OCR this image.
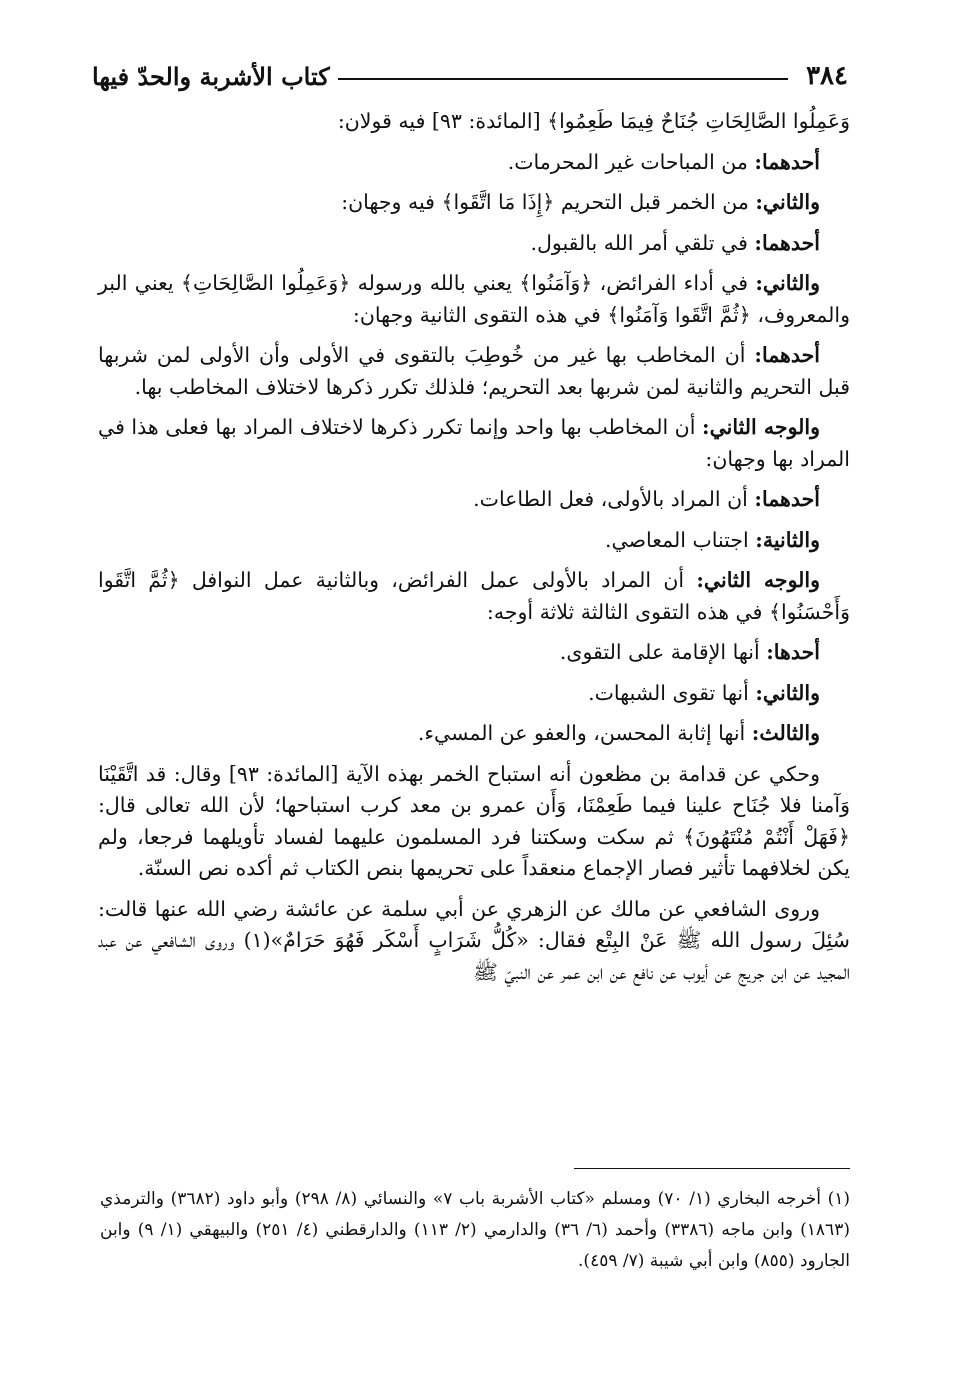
٣٨٤
كتاب الأشربة والحدّ فيها

وَعَمِلُوا الصَّالِحَاتِ جُنَاحٌ فِيمَا طَعِمُوا﴾ [المائدة: ٩٣] فيه قولان:

أحدهما: من المباحات غير المحرمات.

والثاني: من الخمر قبل التحريم ﴿إِذَا مَا اتَّقَوا﴾ فيه وجهان:

أحدهما: في تلقي أمر الله بالقبول.

والثاني: في أداء الفرائض، ﴿وَآمَنُوا﴾ يعني بالله ورسوله ﴿وَعَمِلُوا الصَّالِحَاتِ﴾ يعني البر والمعروف، ﴿ثُمَّ اتَّقَوا وَآمَنُوا﴾ في هذه التقوى الثانية وجهان:

أحدهما: أن المخاطب بها غير من خُوطِبَ بالتقوى في الأولى وأن الأولى لمن شربها قبل التحريم والثانية لمن شربها بعد التحريم؛ فلذلك تكرر ذكرها لاختلاف المخاطب بها.

والوجه الثاني: أن المخاطب بها واحد وإنما تكرر ذكرها لاختلاف المراد بها فعلى هذا في المراد بها وجهان:

أحدهما: أن المراد بالأولى، فعل الطاعات.

والثانية: اجتناب المعاصي.

والوجه الثاني: أن المراد بالأولى عمل الفرائض، وبالثانية عمل النوافل ﴿ثُمَّ اتَّقَوا وَأَحْسَنُوا﴾ في هذه التقوى الثالثة ثلاثة أوجه:

أحدها: أنها الإقامة على التقوى.

والثاني: أنها تقوى الشبهات.

والثالث: أنها إثابة المحسن، والعفو عن المسيء.

وحكي عن قدامة بن مظعون أنه استباح الخمر بهذه الآية [المائدة: ٩٣] وقال: قد اتَّقَيْنَا وَآمنا فلا جُنَاح علينا فيما طَعِمْنَا، وَأَن عمرو بن معد كرب استباحها؛ لأن الله تعالى قال: ﴿فَهَلْ أَنْتُمْ مُنْتَهُونَ﴾ ثم سكت وسكتنا فرد المسلمون عليهما لفساد تأويلهما فرجعا، ولم يكن لخلافهما تأثير فصار الإجماع منعقداً على تحريمها بنص الكتاب ثم أكده نص السنّة.

وروى الشافعي عن مالك عن الزهري عن أبي سلمة عن عائشة رضي الله عنها قالت: سُئِلَ رسول الله ﷺ عَنْ البِتْع فقال: «كُلُّ شَرَابٍ أَسْكَر فَهُوَ حَرَامٌ»(١) وروى الشافعي عن عبد المجيد عن ابن جريج عن أيوب عن نافع عن ابن عمر عن النبيّ ﷺ

(١) أخرجه البخاري (١/ ٧٠) ومسلم «كتاب الأشربة باب ٧» والنسائي (٨/ ٢٩٨) وأبو داود (٣٦٨٢) والترمذي (١٨٦٣) وابن ماجه (٣٣٨٦) وأحمد (٦/ ٣٦) والدارمي (٢/ ١١٣) والدارقطني (٤/ ٢٥١) والبيهقي (١/ ٩) وابن الجارود (٨٥٥) وابن أبي شيبة (٧/ ٤٥٩).
